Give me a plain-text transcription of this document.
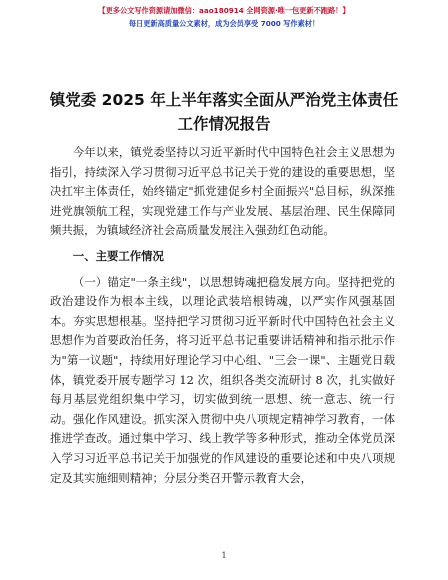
【更多公文写作资源请加微信：aao180914 全网资源·唯一包更新不跑路！】
每日更新高质量公文素材，成为会员享受 7000 写作素材！
镇党委 2025 年上半年落实全面从严治党主体责任工作情况报告

今年以来，镇党委坚持以习近平新时代中国特色社会主义思想为指引，持续深入学习贯彻习近平总书记关于党的建设的重要思想，坚决扛牢主体责任，始终锚定"抓党建促乡村全面振兴"总目标，纵深推进党旗领航工程，实现党建工作与产业发展、基层治理、民生保障同频共振，为镇域经济社会高质量发展注入强劲红色动能。

一、主要工作情况

（一）锚定"一条主线"，以思想铸魂把稳发展方向。坚持把党的政治建设作为根本主线，以理论武装培根铸魂，以严实作风强基固本。夯实思想根基。坚持把学习贯彻习近平新时代中国特色社会主义思想作为首要政治任务，将习近平总书记重要讲话精神和指示批示作为"第一议题"，持续用好理论学习中心组、"三会一课"、主题党日载体，镇党委开展专题学习 12 次，组织各类交流研讨 8 次，扎实做好每月基层党组织集中学习，切实做到统一思想、统一意志、统一行动。强化作风建设。抓实深入贯彻中央八项规定精神学习教育，一体推进学查改。通过集中学习、线上教学等多种形式，推动全体党员深入学习习近平总书记关于加强党的作风建设的重要论述和中央八项规定及其实施细则精神；分层分类召开警示教育大会，

1
